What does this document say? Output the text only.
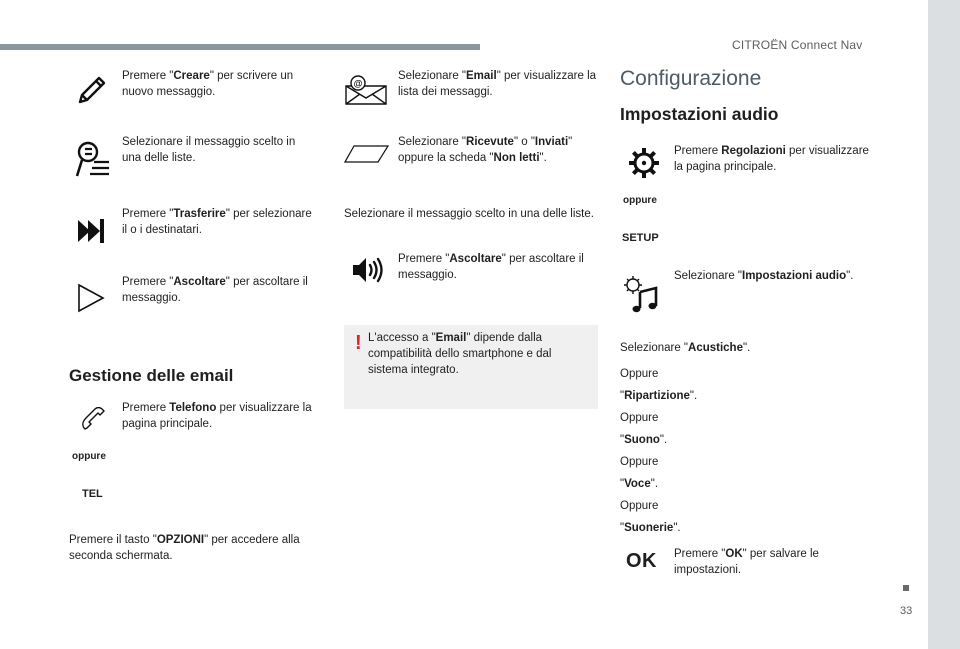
CITROËN Connect Nav
33
Premere "Creare" per scrivere un nuovo messaggio.
Selezionare il messaggio scelto in una delle liste.
Premere "Trasferire" per selezionare il o i destinatari.
Premere "Ascoltare" per ascoltare il messaggio.
Gestione delle email
Premere Telefono per visualizzare la pagina principale.
oppure
TEL
Premere il tasto "OPZIONI" per accedere alla seconda schermata.
@
Selezionare "Email" per visualizzare la lista dei messaggi.
Selezionare "Ricevute" o "Inviati" oppure la scheda "Non letti".
Selezionare il messaggio scelto in una delle liste.
Premere "Ascoltare" per ascoltare il messaggio.
! L'accesso a "Email" dipende dalla compatibilità dello smartphone e dal sistema integrato.
Configurazione
Impostazioni audio
Premere Regolazioni per visualizzare la pagina principale.
oppure
SETUP
Selezionare "Impostazioni audio".
Selezionare "Acustiche".
Oppure
"Ripartizione".
Oppure
"Suono".
Oppure
"Voce".
Oppure
"Suonerie".
OK Premere "OK" per salvare le impostazioni.
